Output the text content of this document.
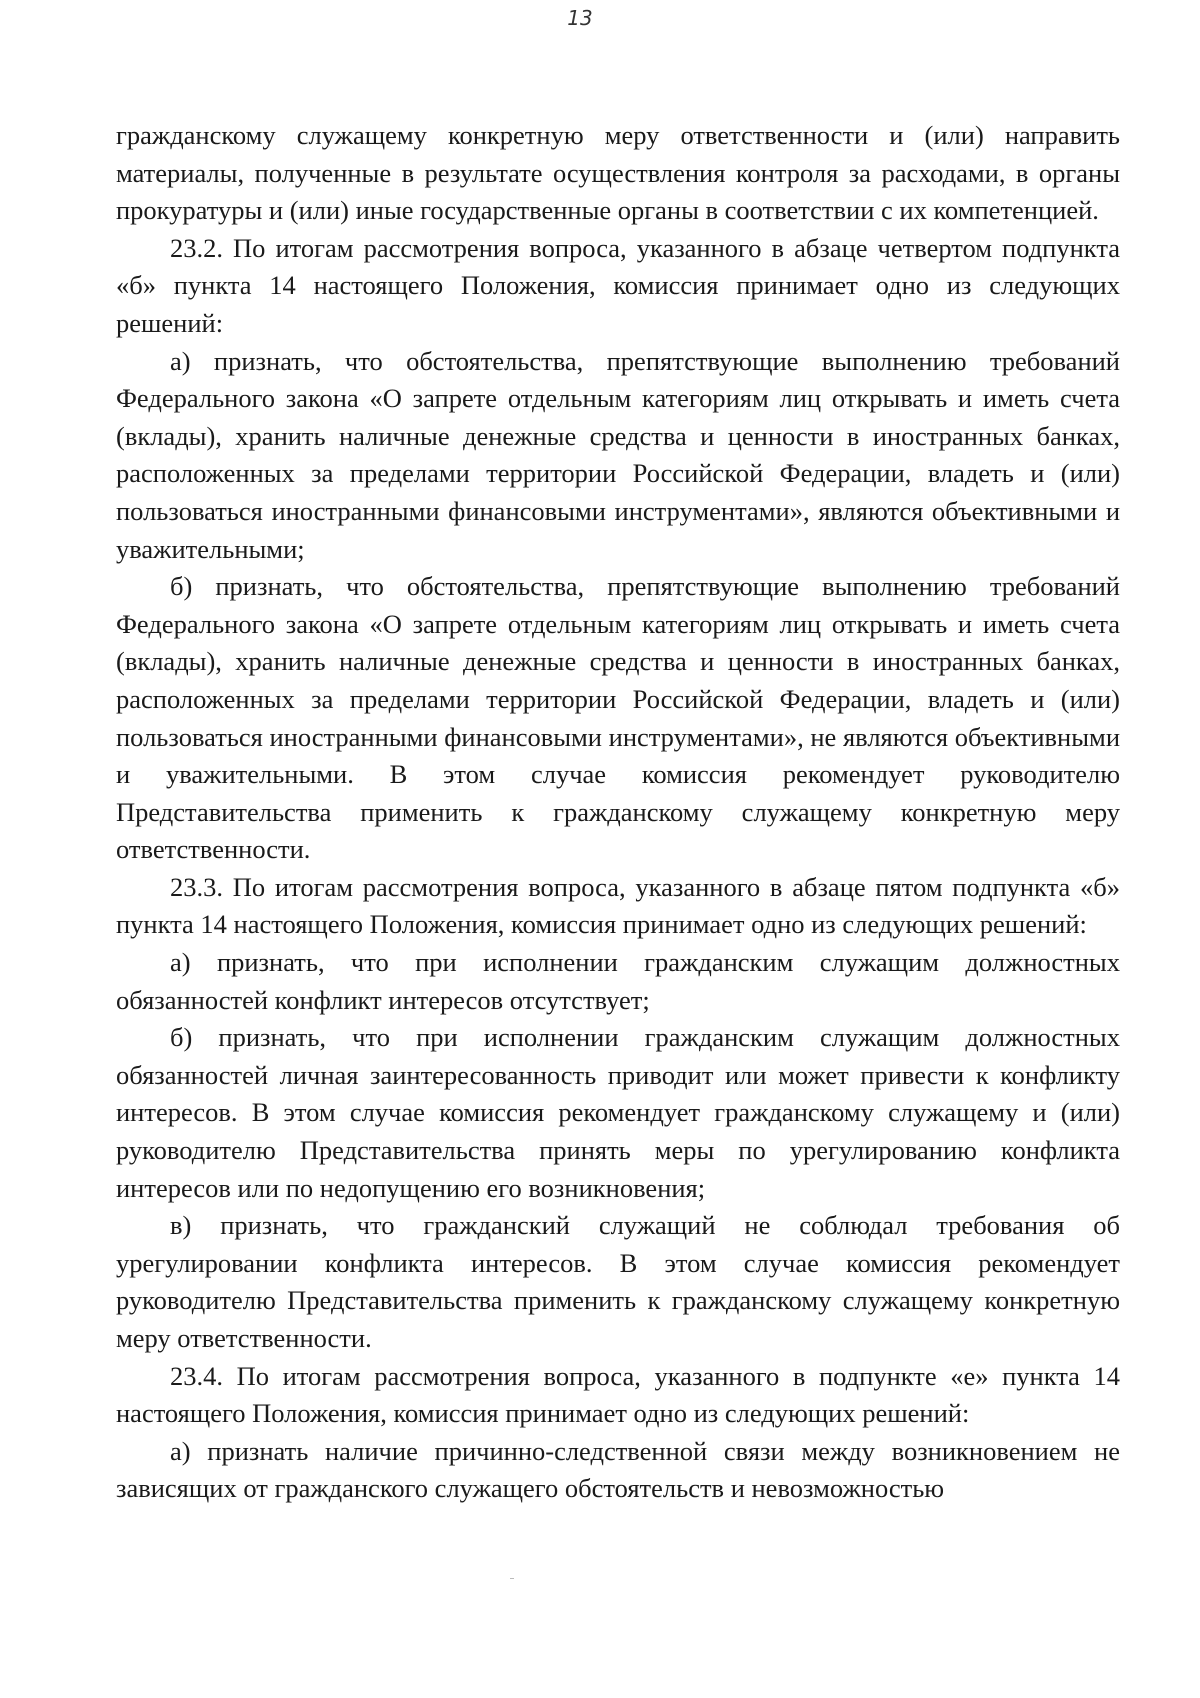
13

гражданскому служащему конкретную меру ответственности и (или) направить материалы, полученные в результате осуществления контроля за расходами, в органы прокуратуры и (или) иные государственные органы в соответствии с их компетенцией.

23.2. По итогам рассмотрения вопроса, указанного в абзаце четвертом подпункта «б» пункта 14 настоящего Положения, комиссия принимает одно из следующих решений:

а) признать, что обстоятельства, препятствующие выполнению требований Федерального закона «О запрете отдельным категориям лиц открывать и иметь счета (вклады), хранить наличные денежные средства и ценности в иностранных банках, расположенных за пределами территории Российской Федерации, владеть и (или) пользоваться иностранными финансовыми инструментами», являются объективными и уважительными;

б) признать, что обстоятельства, препятствующие выполнению требований Федерального закона «О запрете отдельным категориям лиц открывать и иметь счета (вклады), хранить наличные денежные средства и ценности в иностранных банках, расположенных за пределами территории Российской Федерации, владеть и (или) пользоваться иностранными финансовыми инструментами», не являются объективными и уважительными. В этом случае комиссия рекомендует руководителю Представительства применить к гражданскому служащему конкретную меру ответственности.

23.3. По итогам рассмотрения вопроса, указанного в абзаце пятом подпункта «б» пункта 14 настоящего Положения, комиссия принимает одно из следующих решений:

а) признать, что при исполнении гражданским служащим должностных обязанностей конфликт интересов отсутствует;

б) признать, что при исполнении гражданским служащим должностных обязанностей личная заинтересованность приводит или может привести к конфликту интересов. В этом случае комиссия рекомендует гражданскому служащему и (или) руководителю Представительства принять меры по урегулированию конфликта интересов или по недопущению его возникновения;

в) признать, что гражданский служащий не соблюдал требования об урегулировании конфликта интересов. В этом случае комиссия рекомендует руководителю Представительства применить к гражданскому служащему конкретную меру ответственности.

23.4. По итогам рассмотрения вопроса, указанного в подпункте «е» пункта 14 настоящего Положения, комиссия принимает одно из следующих решений:

а) признать наличие причинно-следственной связи между возникновением не зависящих от гражданского служащего обстоятельств и невозможностью
